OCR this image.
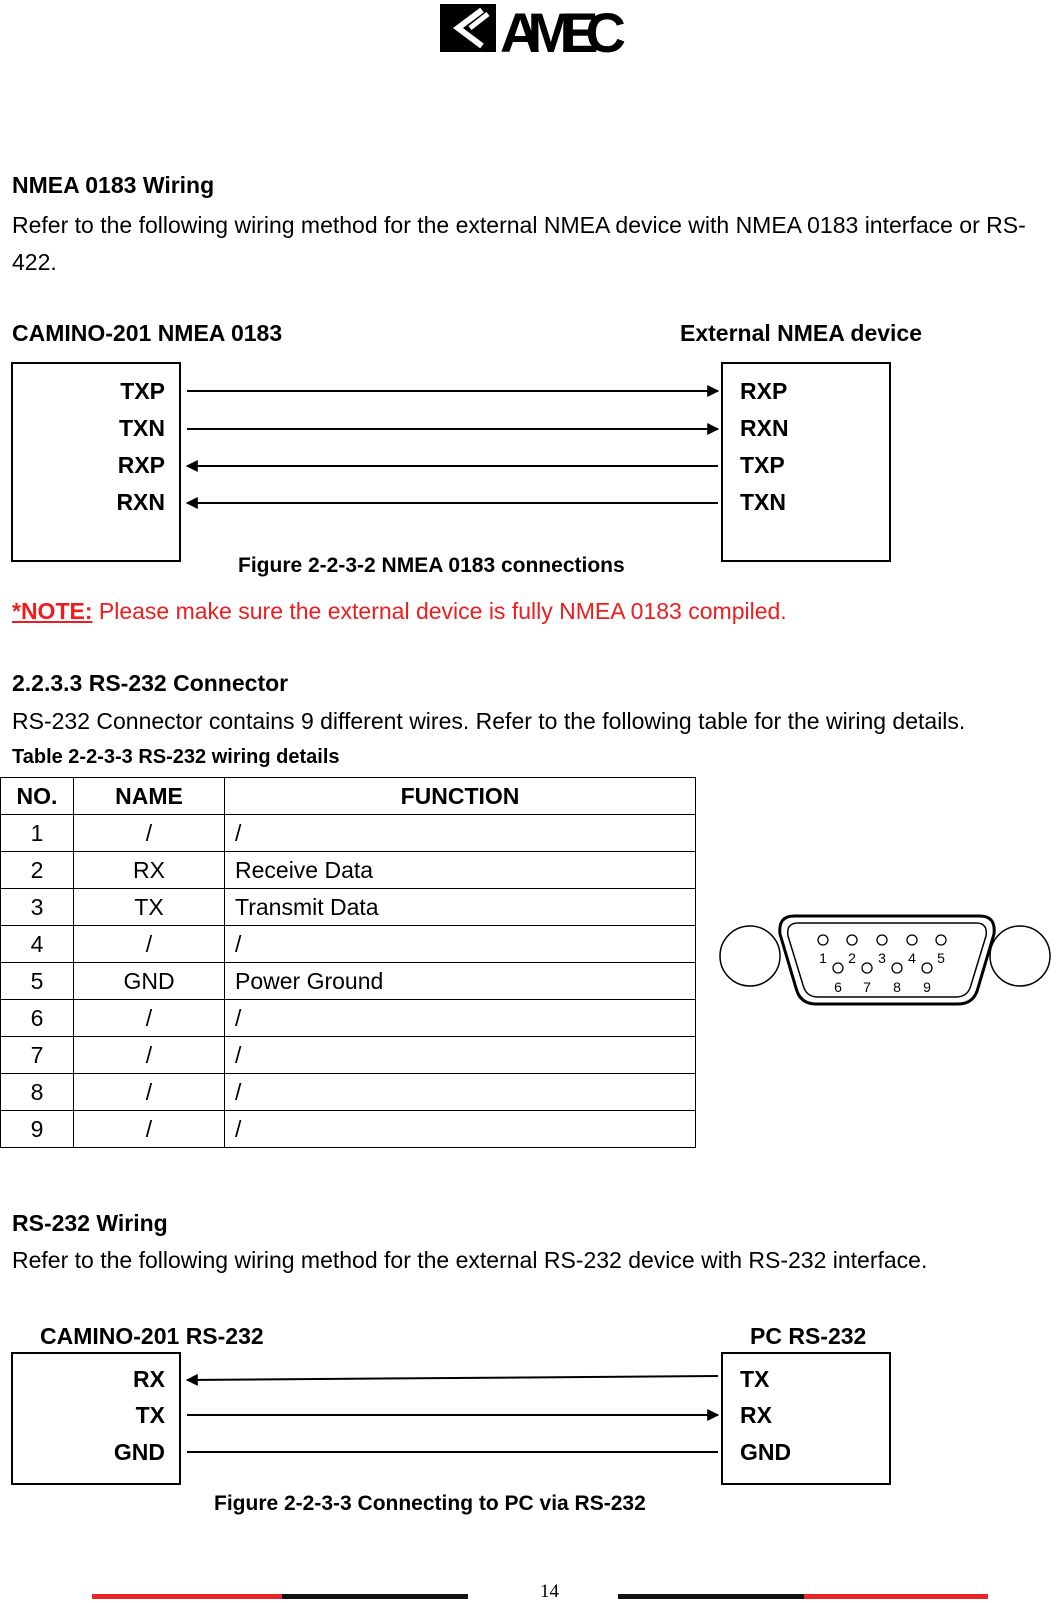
AMEC
NMEA 0183 Wiring
Refer to the following wiring method for the external NMEA device with NMEA 0183 interface or RS-422.
CAMINO-201 NMEA 0183	External NMEA device
TXP
TXN
RXP
RXN
RXP
RXN
TXP
TXN
Figure 2-2-3-2 NMEA 0183 connections
*NOTE: Please make sure the external device is fully NMEA 0183 compiled.
2.2.3.3 RS-232 Connector
RS-232 Connector contains 9 different wires. Refer to the following table for the wiring details.
Table 2-2-3-3 RS-232 wiring details
NO.	NAME	FUNCTION
1	/	/
2	RX	Receive Data
3	TX	Transmit Data
4	/	/
5	GND	Power Ground
6	/	/
7	/	/
8	/	/
9	/	/
1 2 3 4 5
6 7 8 9
RS-232 Wiring
Refer to the following wiring method for the external RS-232 device with RS-232 interface.
CAMINO-201 RS-232	PC RS-232
RX
TX
GND
TX
RX
GND
Figure 2-2-3-3 Connecting to PC via RS-232
14
